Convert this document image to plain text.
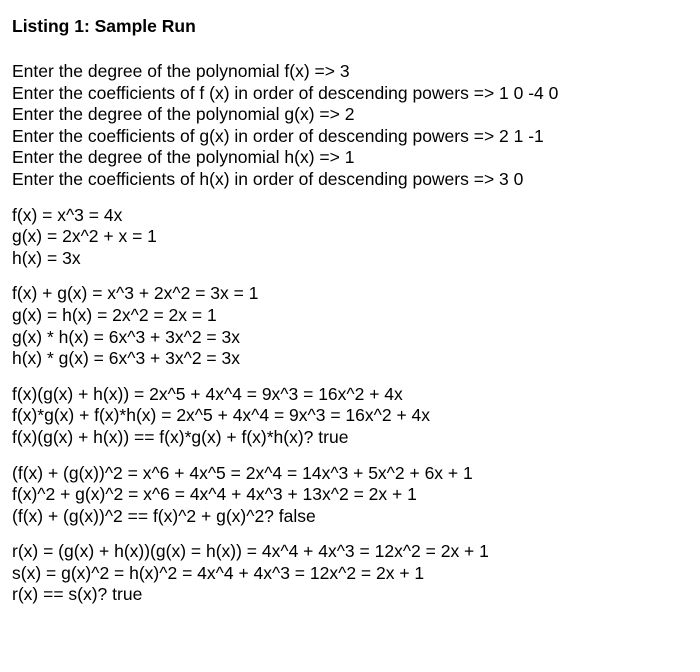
Listing 1: Sample Run
Enter the degree of the polynomial f(x) => 3
Enter the coefficients of f (x) in order of descending powers => 1 0 -4 0
Enter the degree of the polynomial g(x) => 2
Enter the coefficients of g(x) in order of descending powers => 2 1 -1
Enter the degree of the polynomial h(x) => 1
Enter the coefficients of h(x) in order of descending powers => 3 0
f(x) = x^3 = 4x
g(x) = 2x^2 + x = 1
h(x) = 3x
f(x) + g(x) = x^3 + 2x^2 = 3x = 1
g(x) = h(x) = 2x^2 = 2x = 1
g(x) * h(x) = 6x^3 + 3x^2 = 3x
h(x) * g(x) = 6x^3 + 3x^2 = 3x
f(x)(g(x) + h(x)) = 2x^5 + 4x^4 = 9x^3 = 16x^2 + 4x
f(x)*g(x) + f(x)*h(x) = 2x^5 + 4x^4 = 9x^3 = 16x^2 + 4x
f(x)(g(x) + h(x)) == f(x)*g(x) + f(x)*h(x)? true
(f(x) + (g(x))^2 = x^6 + 4x^5 = 2x^4 = 14x^3 + 5x^2 + 6x + 1
f(x)^2 + g(x)^2 = x^6 = 4x^4 + 4x^3 + 13x^2 = 2x + 1
(f(x) + (g(x))^2 == f(x)^2 + g(x)^2? false
r(x) = (g(x) + h(x))(g(x) = h(x)) = 4x^4 + 4x^3 = 12x^2 = 2x + 1
s(x) = g(x)^2 = h(x)^2 = 4x^4 + 4x^3 = 12x^2 = 2x + 1
r(x) == s(x)? true
